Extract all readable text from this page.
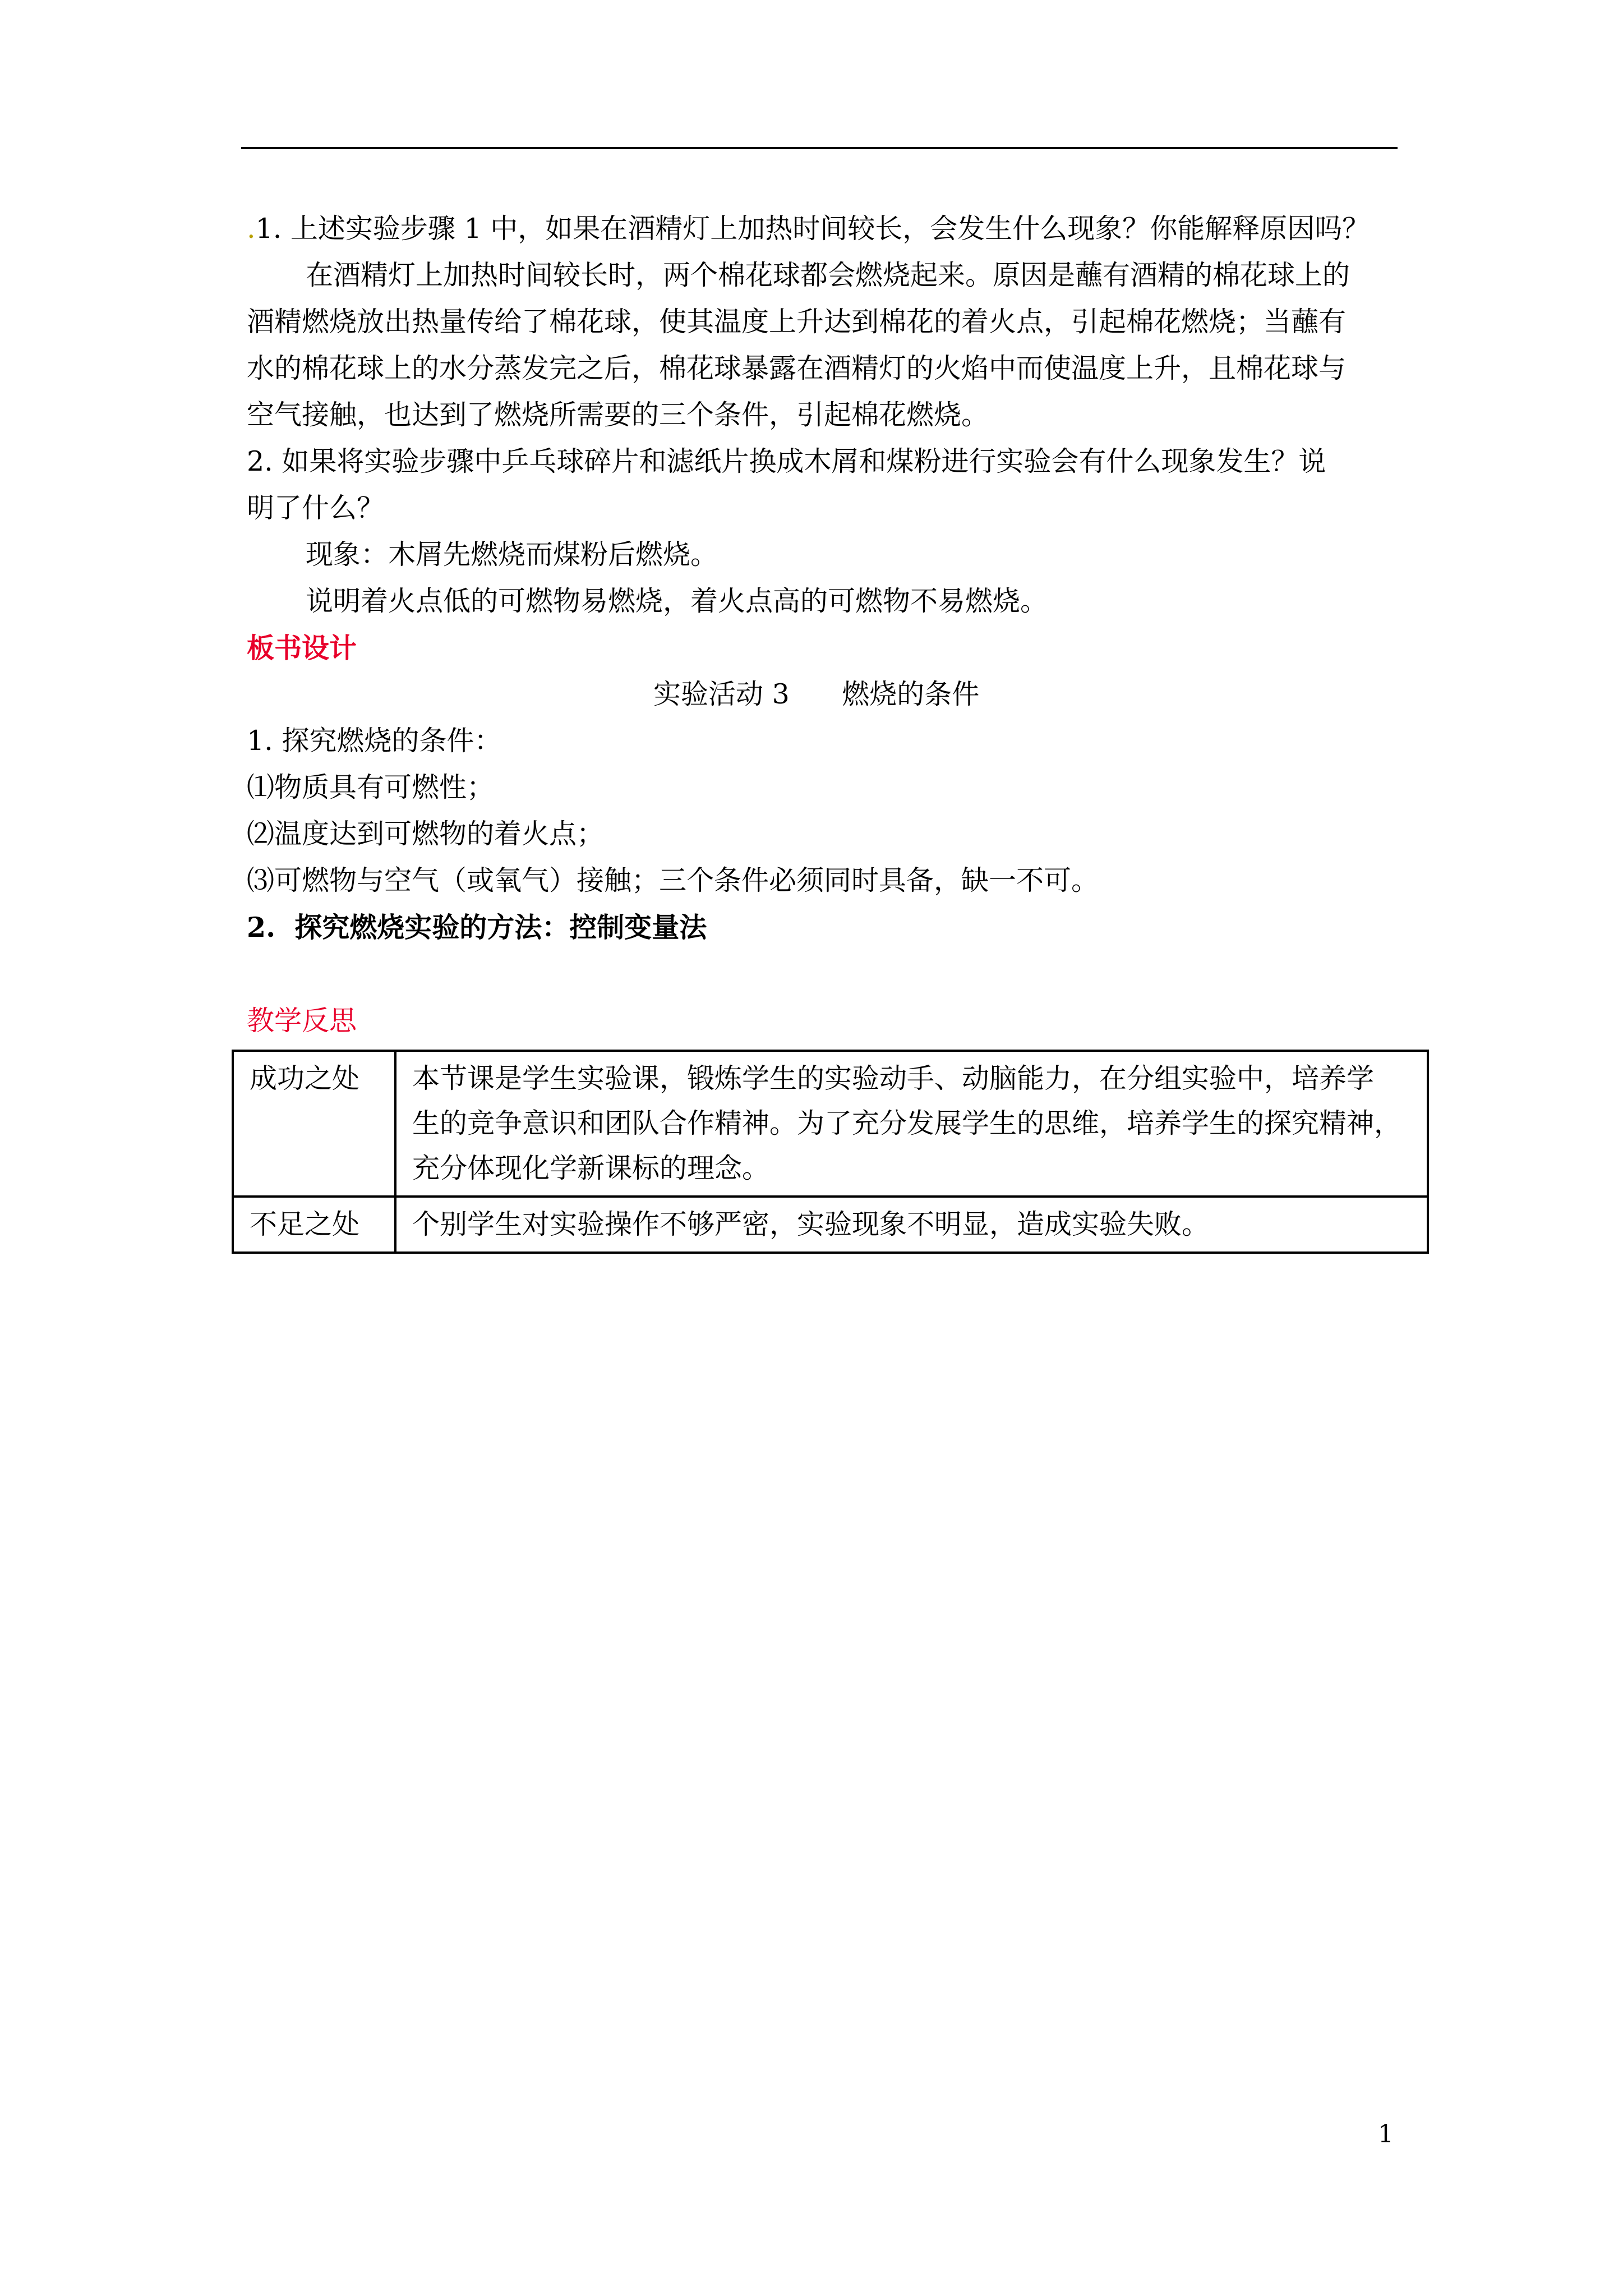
.1. 上述实验步骤 1 中，如果在酒精灯上加热时间较长，会发生什么现象？你能解释原因吗？
在酒精灯上加热时间较长时，两个棉花球都会燃烧起来。原因是蘸有酒精的棉花球上的
酒精燃烧放出热量传给了棉花球，使其温度上升达到棉花的着火点，引起棉花燃烧；当蘸有
水的棉花球上的水分蒸发完之后，棉花球暴露在酒精灯的火焰中而使温度上升，且棉花球与
空气接触，也达到了燃烧所需要的三个条件，引起棉花燃烧。
2. 如果将实验步骤中乒乓球碎片和滤纸片换成木屑和煤粉进行实验会有什么现象发生？说
明了什么？
现象：木屑先燃烧而煤粉后燃烧。
说明着火点低的可燃物易燃烧，着火点高的可燃物不易燃烧。
板书设计
实验活动 3      燃烧的条件
1. 探究燃烧的条件：
⑴物质具有可燃性；
⑵温度达到可燃物的着火点；
⑶可燃物与空气（或氧气）接触；三个条件必须同时具备，缺一不可。
2.  探究燃烧实验的方法：控制变量法
教学反思
成功之处	本节课是学生实验课，锻炼学生的实验动手、动脑能力，在分组实验中，培养学
生的竞争意识和团队合作精神。为了充分发展学生的思维，培养学生的探究精神，
充分体现化学新课标的理念。

不足之处	个别学生对实验操作不够严密，实验现象不明显，造成实验失败。
1
